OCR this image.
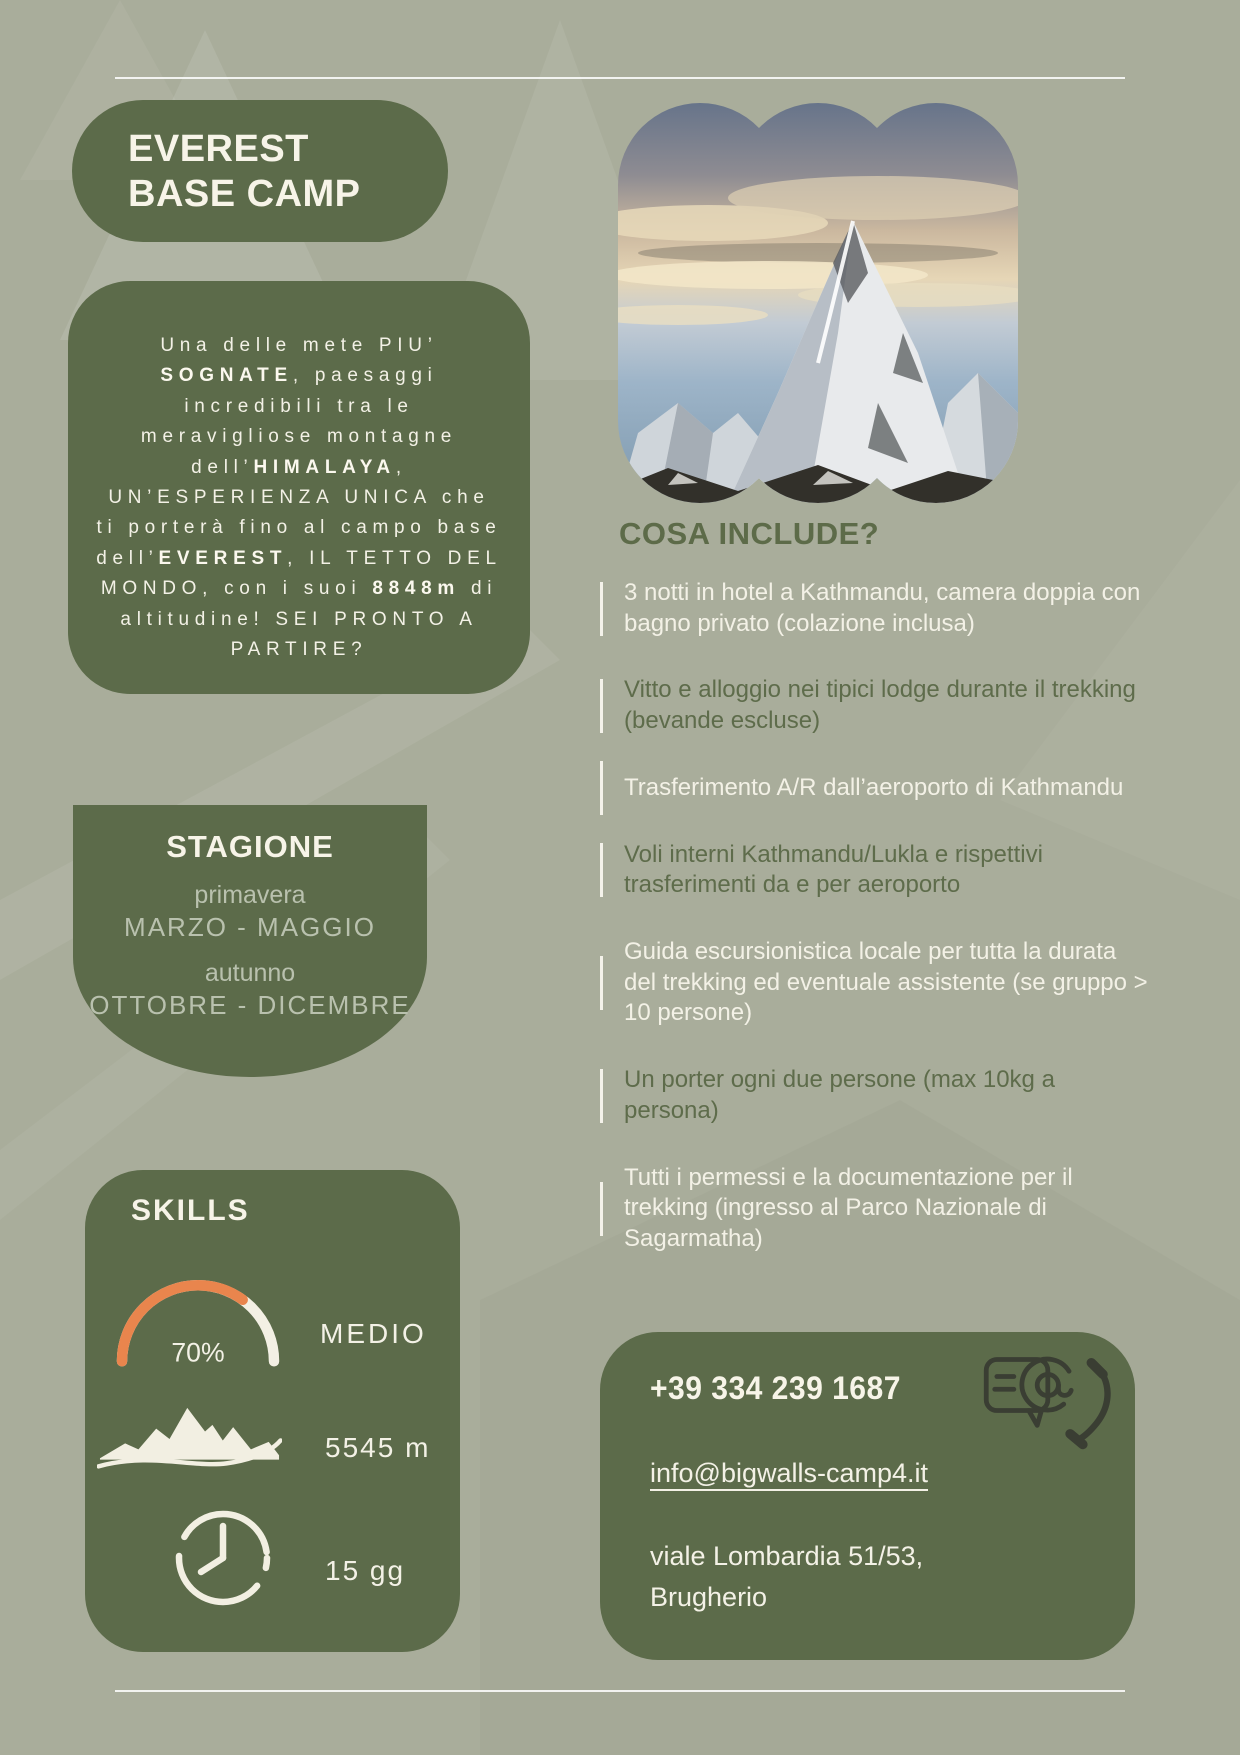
EVEREST
BASE CAMP

Una delle mete PIU’ SOGNATE, paesaggi incredibili tra le meravigliose montagne dell’HIMALAYA, UN’ESPERIENZA UNICA che ti porterà fino al campo base dell’EVEREST, IL TETTO DEL MONDO, con i suoi 8848m di altitudine! SEI PRONTO A PARTIRE?

COSA INCLUDE?
3 notti in hotel a Kathmandu, camera doppia con bagno privato (colazione inclusa)
Vitto e alloggio nei tipici lodge durante il trekking (bevande escluse)
Trasferimento A/R dall’aeroporto di Kathmandu
Voli interni Kathmandu/Lukla e rispettivi trasferimenti da e per aeroporto
Guida escursionistica locale per tutta la durata del trekking ed eventuale assistente (se gruppo > 10 persone)
Un porter ogni due persone (max 10kg a persona)
Tutti i permessi e la documentazione per il trekking (ingresso al Parco Nazionale di Sagarmatha)
STAGIONE
primavera
MARZO - MAGGIO
autunno
OTTOBRE - DICEMBRE
SKILLS
70%
MEDIO
5545 m
15 gg
+39 334 239 1687
info@bigwalls-camp4.it
viale Lombardia 51/53,
Brugherio
